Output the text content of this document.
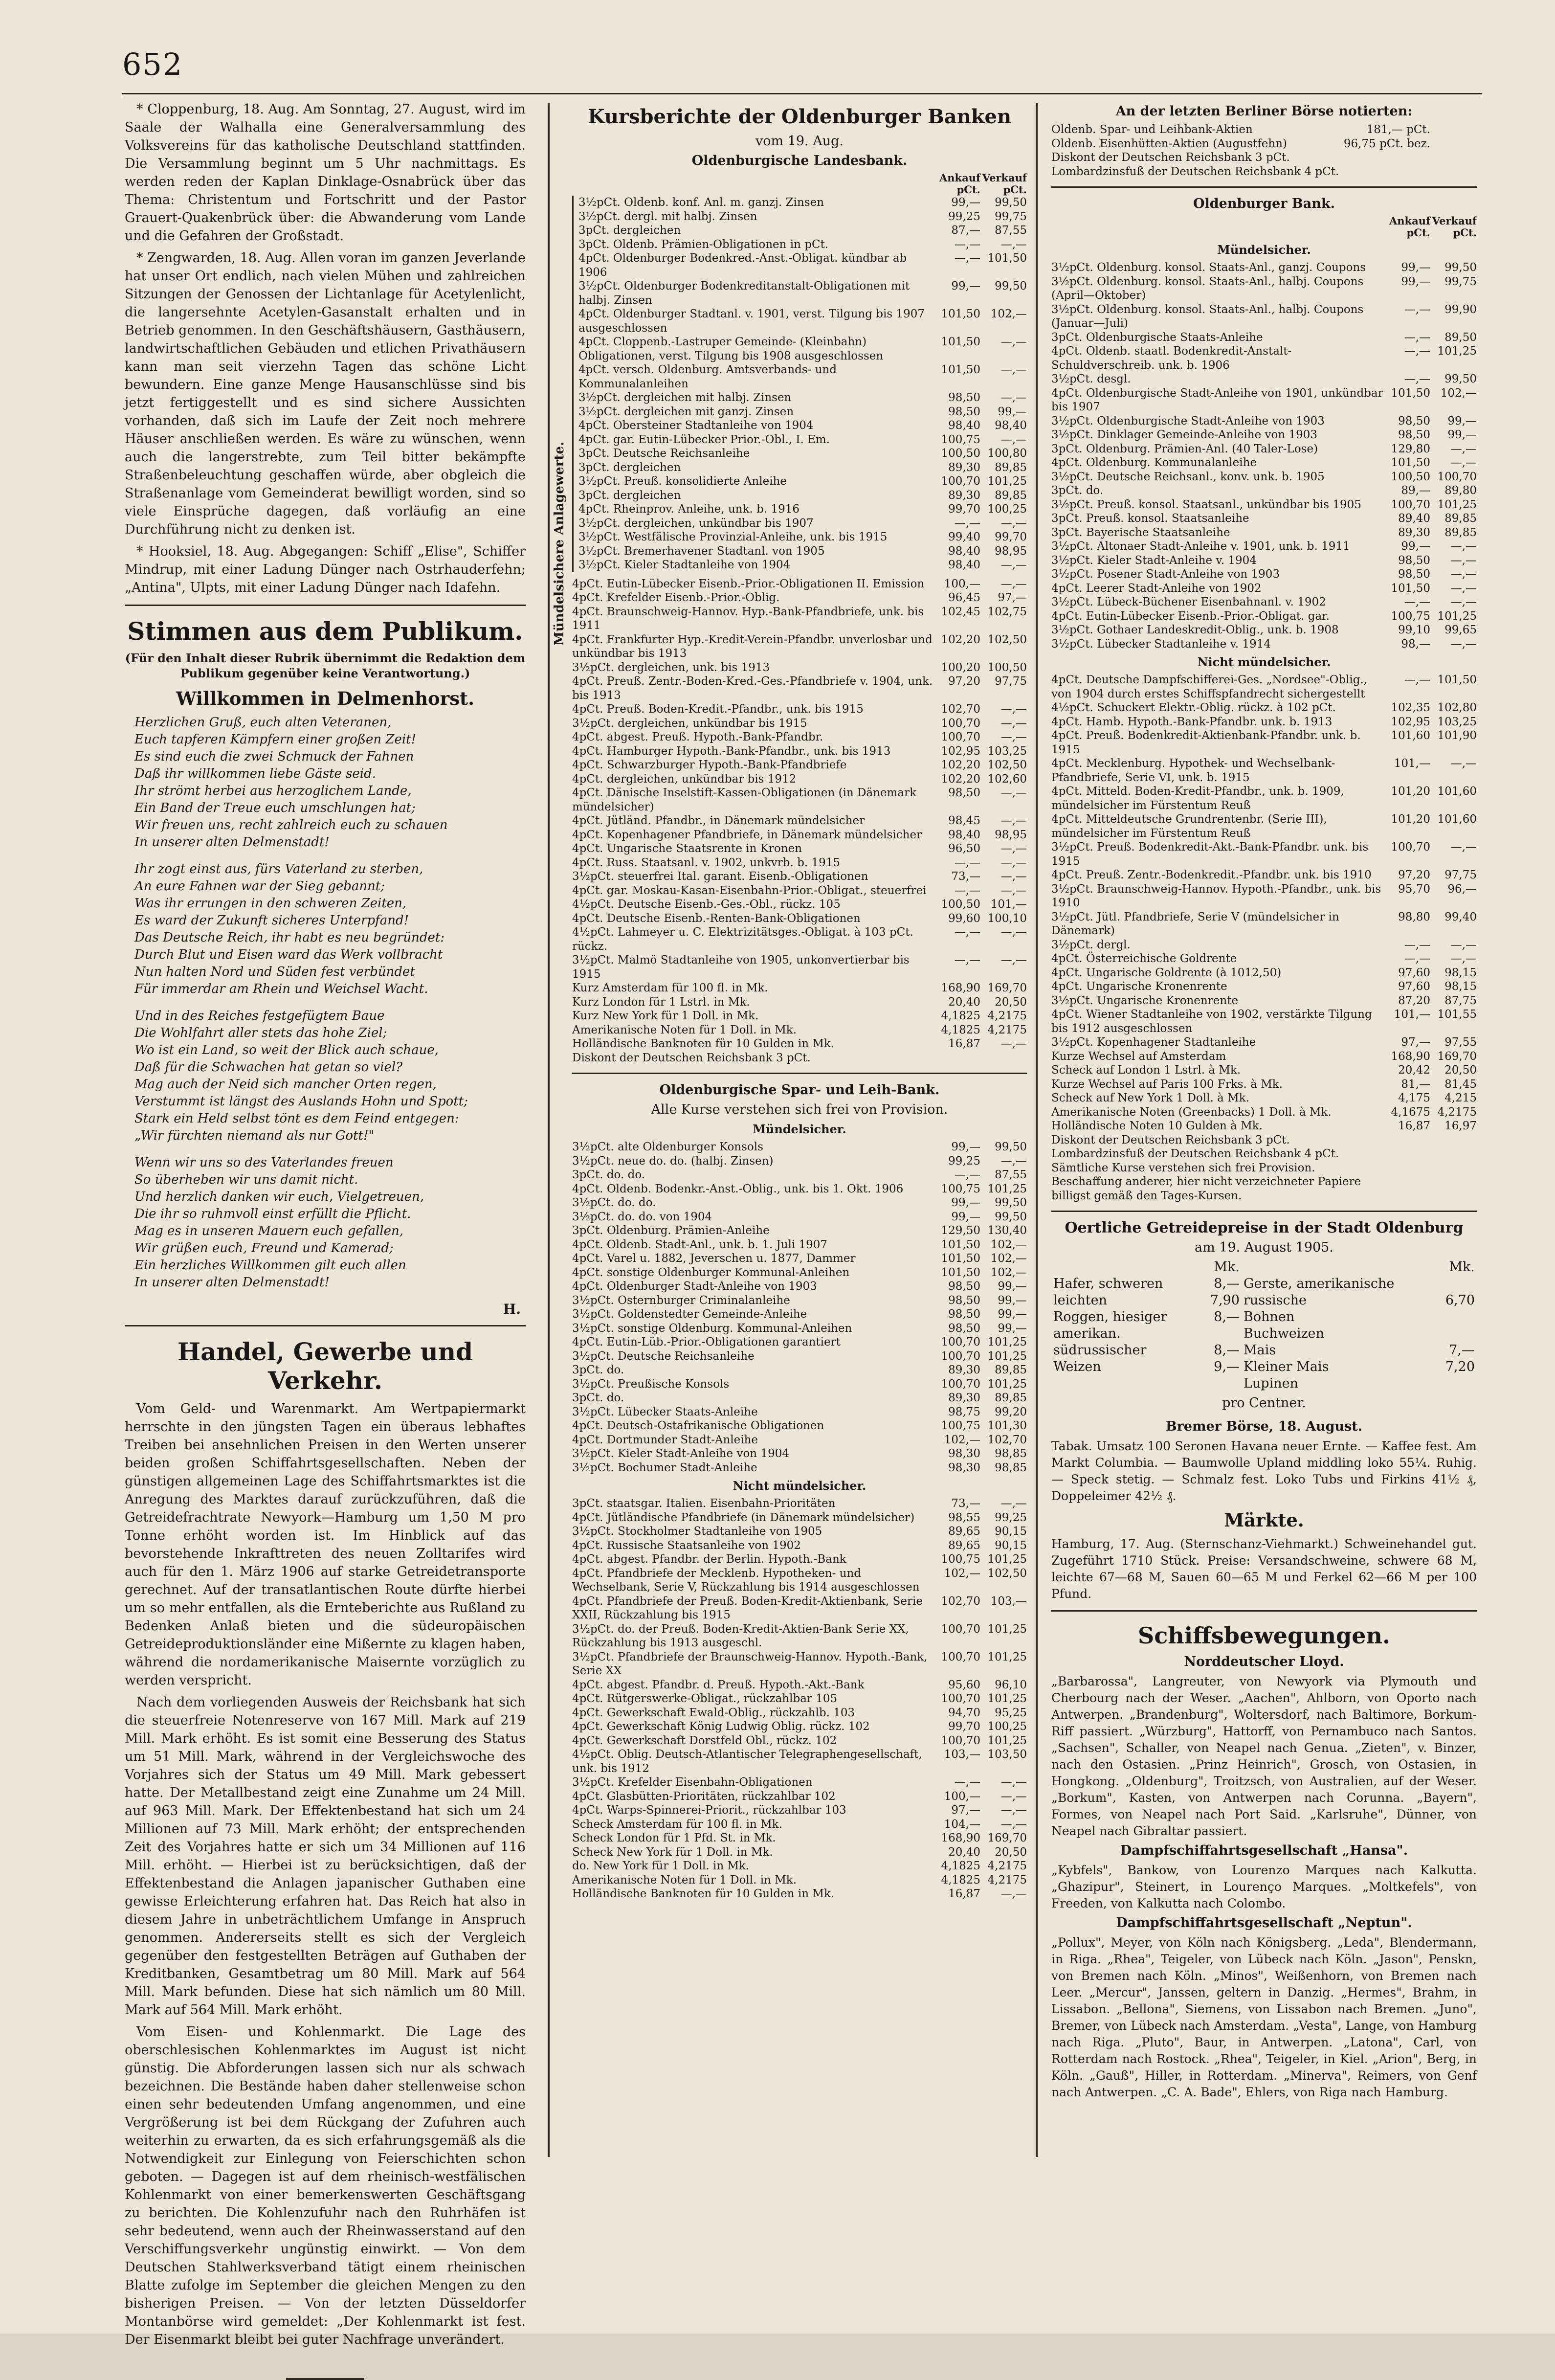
652

* Cloppenburg, 18. Aug. Am Sonntag, 27. August, wird im Saale der Walhalla eine Generalversammlung des Volksvereins für das katholische Deutschland stattfinden. Die Versammlung beginnt um 5 Uhr nachmittags. Es werden reden der Kaplan Dinklage-Osnabrück über das Thema: Christentum und Fortschritt und der Pastor Grauert-Quakenbrück über: die Abwanderung vom Lande und die Gefahren der Großstadt.

* Zengwarden, 18. Aug. Allen voran im ganzen Jeverlande hat unser Ort endlich, nach vielen Mühen und zahlreichen Sitzungen der Genossen der Lichtanlage für Acetylenlicht, die langersehnte Acetylen-Gasanstalt erhalten und in Betrieb genommen. In den Geschäftshäusern, Gasthäusern, landwirtschaftlichen Gebäuden und etlichen Privathäusern kann man seit vierzehn Tagen das schöne Licht bewundern. Eine ganze Menge Hausanschlüsse sind bis jetzt fertiggestellt und es sind sichere Aussichten vorhanden, daß sich im Laufe der Zeit noch mehrere Häuser anschließen werden. Es wäre zu wünschen, wenn auch die langerstrebte, zum Teil bitter bekämpfte Straßenbeleuchtung geschaffen würde, aber obgleich die Straßenanlage vom Gemeinderat bewilligt worden, sind so viele Einsprüche dagegen, daß vorläufig an eine Durchführung nicht zu denken ist.

* Hooksiel, 18. Aug. Abgegangen: Schiff „Elise", Schiffer Mindrup, mit einer Ladung Dünger nach Ostrhauderfehn; „Antina", Ulpts, mit einer Ladung Dünger nach Idafehn.

Stimmen aus dem Publikum.
(Für den Inhalt dieser Rubrik übernimmt die Redaktion dem Publikum gegenüber keine Verantwortung.)
Willkommen in Delmenhorst.
Herzlichen Gruß, euch alten Veteranen,
Euch tapferen Kämpfern einer großen Zeit!
Es sind euch die zwei Schmuck der Fahnen
Daß ihr willkommen liebe Gäste seid.
Ihr strömt herbei aus herzoglichem Lande,
Ein Band der Treue euch umschlungen hat;
Wir freuen uns, recht zahlreich euch zu schauen
In unserer alten Delmenstadt!
Ihr zogt einst aus, fürs Vaterland zu sterben,
An eure Fahnen war der Sieg gebannt;
Was ihr errungen in den schweren Zeiten,
Es ward der Zukunft sicheres Unterpfand!
Das Deutsche Reich, ihr habt es neu begründet:
Durch Blut und Eisen ward das Werk vollbracht
Nun halten Nord und Süden fest verbündet
Für immerdar am Rhein und Weichsel Wacht.
Und in des Reiches festgefügtem Baue
Die Wohlfahrt aller stets das hohe Ziel;
Wo ist ein Land, so weit der Blick auch schaue,
Daß für die Schwachen hat getan so viel?
Mag auch der Neid sich mancher Orten regen,
Verstummt ist längst des Auslands Hohn und Spott;
Stark ein Held selbst tönt es dem Feind entgegen:
„Wir fürchten niemand als nur Gott!"
Wenn wir uns so des Vaterlandes freuen
So überheben wir uns damit nicht.
Und herzlich danken wir euch, Vielgetreuen,
Die ihr so ruhmvoll einst erfüllt die Pflicht.
Mag es in unseren Mauern euch gefallen,
Wir grüßen euch, Freund und Kamerad;
Ein herzliches Willkommen gilt euch allen
In unserer alten Delmenstadt!
H.
Handel, Gewerbe und Verkehr.

Vom Geld- und Warenmarkt. Am Wertpapiermarkt herrschte in den jüngsten Tagen ein überaus lebhaftes Treiben bei ansehnlichen Preisen in den Werten unserer beiden großen Schiffahrtsgesellschaften. Neben der günstigen allgemeinen Lage des Schiffahrtsmarktes ist die Anregung des Marktes darauf zurückzuführen, daß die Getreidefrachtrate Newyork—Hamburg um 1,50 M pro Tonne erhöht worden ist. Im Hinblick auf das bevorstehende Inkrafttreten des neuen Zolltarifes wird auch für den 1. März 1906 auf starke Getreidetransporte gerechnet. Auf der transatlantischen Route dürfte hierbei um so mehr entfallen, als die Ernteberichte aus Rußland zu Bedenken Anlaß bieten und die südeuropäischen Getreideproduktionsländer eine Mißernte zu klagen haben, während die nordamerikanische Maisernte vorzüglich zu werden verspricht.

Nach dem vorliegenden Ausweis der Reichsbank hat sich die steuerfreie Notenreserve von 167 Mill. Mark auf 219 Mill. Mark erhöht. Es ist somit eine Besserung des Status um 51 Mill. Mark, während in der Vergleichswoche des Vorjahres sich der Status um 49 Mill. Mark gebessert hatte. Der Metallbestand zeigt eine Zunahme um 24 Mill. auf 963 Mill. Mark. Der Effektenbestand hat sich um 24 Millionen auf 73 Mill. Mark erhöht; der entsprechenden Zeit des Vorjahres hatte er sich um 34 Millionen auf 116 Mill. erhöht. — Hierbei ist zu berücksichtigen, daß der Effektenbestand die Anlagen japanischer Guthaben eine gewisse Erleichterung erfahren hat. Das Reich hat also in diesem Jahre in unbeträchtlichem Umfange in Anspruch genommen. Andererseits stellt es sich der Vergleich gegenüber den festgestellten Beträgen auf Guthaben der Kreditbanken, Gesamtbetrag um 80 Mill. Mark auf 564 Mill. Mark befunden. Diese hat sich nämlich um 80 Mill. Mark auf 564 Mill. Mark erhöht.

Vom Eisen- und Kohlenmarkt. Die Lage des oberschlesischen Kohlenmarktes im August ist nicht günstig. Die Abforderungen lassen sich nur als schwach bezeichnen. Die Bestände haben daher stellenweise schon einen sehr bedeutenden Umfang angenommen, und eine Vergrößerung ist bei dem Rückgang der Zufuhren auch weiterhin zu erwarten, da es sich erfahrungsgemäß als die Notwendigkeit zur Einlegung von Feierschichten schon geboten. — Dagegen ist auf dem rheinisch-westfälischen Kohlenmarkt von einer bemerkenswerten Geschäftsgang zu berichten. Die Kohlenzufuhr nach den Ruhrhäfen ist sehr bedeutend, wenn auch der Rheinwasserstand auf den Verschiffungsverkehr ungünstig einwirkt. — Von dem Deutschen Stahlwerksverband tätigt einem rheinischen Blatte zufolge im September die gleichen Mengen zu den bisherigen Preisen. — Von der letzten Düsseldorfer Montanbörse wird gemeldet: „Der Kohlenmarkt ist fest. Der Eisenmarkt bleibt bei guter Nachfrage unverändert.

Kursberichte der Oldenburger Banken
vom 19. Aug.
Oldenburgische Landesbank.
	Ankauf
pCt.	Verkauf
pCt.
Mündelsichere Anlagewerte.
3½pCt. Oldenb. konf. Anl. m. ganzj. Zinsen	99,—	99,50
3½pCt. dergl. mit halbj. Zinsen	99,25	99,75
3pCt. dergleichen	87,—	87,55
3pCt. Oldenb. Prämien-Obligationen in pCt.	—,—	—,—
4pCt. Oldenburger Bodenkred.-Anst.-Obligat. kündbar ab 1906	—,—	101,50
3½pCt. Oldenburger Bodenkreditanstalt-Obligationen mit halbj. Zinsen	99,—	99,50
4pCt. Oldenburger Stadtanl. v. 1901, verst. Tilgung bis 1907 ausgeschlossen	101,50	102,—
4pCt. Cloppenb.-Lastruper Gemeinde- (Kleinbahn) Obligationen, verst. Tilgung bis 1908 ausgeschlossen	101,50	—,—
4pCt. versch. Oldenburg. Amtsverbands- und Kommunalanleihen	101,50	—,—
3½pCt. dergleichen mit halbj. Zinsen	98,50	—,—
3½pCt. dergleichen mit ganzj. Zinsen	98,50	99,—
4pCt. Obersteiner Stadtanleihe von 1904	98,40	98,40
4pCt. gar. Eutin-Lübecker Prior.-Obl., I. Em.	100,75	—,—
3pCt. Deutsche Reichsanleihe	100,50	100,80
3pCt. dergleichen	89,30	89,85
3½pCt. Preuß. konsolidierte Anleihe	100,70	101,25
3pCt. dergleichen	89,30	89,85
4pCt. Rheinprov. Anleihe, unk. b. 1916	99,70	100,25
3½pCt. dergleichen, unkündbar bis 1907	—,—	—,—
3½pCt. Westfälische Provinzial-Anleihe, unk. bis 1915	99,40	99,70
3½pCt. Bremerhavener Stadtanl. von 1905	98,40	98,95
3½pCt. Kieler Stadtanleihe von 1904	98,40	—,—
4pCt. Eutin-Lübecker Eisenb.-Prior.-Obligationen II. Emission	100,—	—,—
4pCt. Krefelder Eisenb.-Prior.-Oblig.	96,45	97,—
4pCt. Braunschweig-Hannov. Hyp.-Bank-Pfandbriefe, unk. bis 1911	102,45	102,75
4pCt. Frankfurter Hyp.-Kredit-Verein-Pfandbr. unverlosbar und unkündbar bis 1913	102,20	102,50
3½pCt. dergleichen, unk. bis 1913	100,20	100,50
4pCt. Preuß. Zentr.-Boden-Kred.-Ges.-Pfandbriefe v. 1904, unk. bis 1913	97,20	97,75
4pCt. Preuß. Boden-Kredit.-Pfandbr., unk. bis 1915	102,70	—,—
3½pCt. dergleichen, unkündbar bis 1915	100,70	—,—
4pCt. abgest. Preuß. Hypoth.-Bank-Pfandbr.	100,70	—,—
4pCt. Hamburger Hypoth.-Bank-Pfandbr., unk. bis 1913	102,95	103,25
4pCt. Schwarzburger Hypoth.-Bank-Pfandbriefe	102,20	102,50
4pCt. dergleichen, unkündbar bis 1912	102,20	102,60
4pCt. Dänische Inselstift-Kassen-Obligationen (in Dänemark mündelsicher)	98,50	—,—
4pCt. Jütländ. Pfandbr., in Dänemark mündelsicher	98,45	—,—
4pCt. Kopenhagener Pfandbriefe, in Dänemark mündelsicher	98,40	98,95
4pCt. Ungarische Staatsrente in Kronen	96,50	—,—
4pCt. Russ. Staatsanl. v. 1902, unkvrb. b. 1915	—,—	—,—
3½pCt. steuerfrei Ital. garant. Eisenb.-Obligationen	73,—	—,—
4pCt. gar. Moskau-Kasan-Eisenbahn-Prior.-Obligat., steuerfrei	—,—	—,—
4½pCt. Deutsche Eisenb.-Ges.-Obl., rückz. 105	100,50	101,—
4pCt. Deutsche Eisenb.-Renten-Bank-Obligationen	99,60	100,10
4½pCt. Lahmeyer u. C. Elektrizitätsges.-Obligat. à 103 pCt. rückz.	—,—	—,—
3½pCt. Malmö Stadtanleihe von 1905, unkonvertierbar bis 1915	—,—	—,—
Kurz Amsterdam für 100 fl. in Mk.	168,90	169,70
Kurz London für 1 Lstrl. in Mk.	20,40	20,50
Kurz New York für 1 Doll. in Mk.	4,1825	4,2175
Amerikanische Noten für 1 Doll. in Mk.	4,1825	4,2175
Holländische Banknoten für 10 Gulden in Mk.	16,87	—,—
Diskont der Deutschen Reichsbank 3 pCt.		
Oldenburgische Spar- und Leih-Bank.
Alle Kurse verstehen sich frei von Provision.
Mündelsicher.
3½pCt. alte Oldenburger Konsols	99,—	99,50
3½pCt. neue do. do. (halbj. Zinsen)	99,25	—,—
3pCt. do. do.	—,—	87,55
4pCt. Oldenb. Bodenkr.-Anst.-Oblig., unk. bis 1. Okt. 1906	100,75	101,25
3½pCt. do. do.	99,—	99,50
3½pCt. do. do. von 1904	99,—	99,50
3pCt. Oldenburg. Prämien-Anleihe	129,50	130,40
4pCt. Oldenb. Stadt-Anl., unk. b. 1. Juli 1907	101,50	102,—
4pCt. Varel u. 1882, Jeverschen u. 1877, Dammer	101,50	102,—
4pCt. sonstige Oldenburger Kommunal-Anleihen	101,50	102,—
4pCt. Oldenburger Stadt-Anleihe von 1903	98,50	99,—
3½pCt. Osternburger Criminalanleihe	98,50	99,—
3½pCt. Goldenstedter Gemeinde-Anleihe	98,50	99,—
3½pCt. sonstige Oldenburg. Kommunal-Anleihen	98,50	99,—
4pCt. Eutin-Lüb.-Prior.-Obligationen garantiert	100,70	101,25
3½pCt. Deutsche Reichsanleihe	100,70	101,25
3pCt. do.	89,30	89,85
3½pCt. Preußische Konsols	100,70	101,25
3pCt. do.	89,30	89,85
3½pCt. Lübecker Staats-Anleihe	98,75	99,20
4pCt. Deutsch-Ostafrikanische Obligationen	100,75	101,30
4pCt. Dortmunder Stadt-Anleihe	102,—	102,70
3½pCt. Kieler Stadt-Anleihe von 1904	98,30	98,85
3½pCt. Bochumer Stadt-Anleihe	98,30	98,85
Nicht mündelsicher.
3pCt. staatsgar. Italien. Eisenbahn-Prioritäten	73,—	—,—
4pCt. Jütländische Pfandbriefe (in Dänemark mündelsicher)	98,55	99,25
3½pCt. Stockholmer Stadtanleihe von 1905	89,65	90,15
4pCt. Russische Staatsanleihe von 1902	89,65	90,15
4pCt. abgest. Pfandbr. der Berlin. Hypoth.-Bank	100,75	101,25
4pCt. Pfandbriefe der Mecklenb. Hypotheken- und Wechselbank, Serie V, Rückzahlung bis 1914 ausgeschlossen	102,—	102,50
4pCt. Pfandbriefe der Preuß. Boden-Kredit-Aktienbank, Serie XXII, Rückzahlung bis 1915	102,70	103,—
3½pCt. do. der Preuß. Boden-Kredit-Aktien-Bank Serie XX, Rückzahlung bis 1913 ausgeschl.	100,70	101,25
3½pCt. Pfandbriefe der Braunschweig-Hannov. Hypoth.-Bank, Serie XX	100,70	101,25
4pCt. abgest. Pfandbr. d. Preuß. Hypoth.-Akt.-Bank	95,60	96,10
4pCt. Rütgerswerke-Obligat., rückzahlbar 105	100,70	101,25
4pCt. Gewerkschaft Ewald-Oblig., rückzahlb. 103	94,70	95,25
4pCt. Gewerkschaft König Ludwig Oblig. rückz. 102	99,70	100,25
4pCt. Gewerkschaft Dorstfeld Obl., rückz. 102	100,70	101,25
4½pCt. Oblig. Deutsch-Atlantischer Telegraphengesellschaft, unk. bis 1912	103,—	103,50
3½pCt. Krefelder Eisenbahn-Obligationen	—,—	—,—
4pCt. Glasbütten-Prioritäten, rückzahlbar 102	100,—	—,—
4pCt. Warps-Spinnerei-Priorit., rückzahlbar 103	97,—	—,—
Scheck Amsterdam für 100 fl. in Mk.	104,—	—,—
Scheck London für 1 Pfd. St. in Mk.	168,90	169,70
Scheck New York für 1 Doll. in Mk.	20,40	20,50
do. New York für 1 Doll. in Mk.	4,1825	4,2175
Amerikanische Noten für 1 Doll. in Mk.	4,1825	4,2175
Holländische Banknoten für 10 Gulden in Mk.	16,87	—,—
An der letzten Berliner Börse notierten:
Oldenb. Spar- und Leihbank-Aktien	181,— pCt.	
Oldenb. Eisenhütten-Aktien (Augustfehn)	96,75 pCt. bez.	
Diskont der Deutschen Reichsbank 3 pCt.		
Lombardzinsfuß der Deutschen Reichsbank 4 pCt.		
Oldenburger Bank.
	Ankauf
pCt.	Verkauf
pCt.
Mündelsicher.
3½pCt. Oldenburg. konsol. Staats-Anl., ganzj. Coupons	99,—	99,50
3½pCt. Oldenburg. konsol. Staats-Anl., halbj. Coupons (April—Oktober)	99,—	99,75
3½pCt. Oldenburg. konsol. Staats-Anl., halbj. Coupons (Januar—Juli)	—,—	99,90
3pCt. Oldenburgische Staats-Anleihe	—,—	89,50
4pCt. Oldenb. staatl. Bodenkredit-Anstalt-Schuldverschreib. unk. b. 1906	—,—	101,25
3½pCt. desgl.	—,—	99,50
4pCt. Oldenburgische Stadt-Anleihe von 1901, unkündbar bis 1907	101,50	102,—
3½pCt. Oldenburgische Stadt-Anleihe von 1903	98,50	99,—
3½pCt. Dinklager Gemeinde-Anleihe von 1903	98,50	99,—
3pCt. Oldenburg. Prämien-Anl. (40 Taler-Lose)	129,80	—,—
4pCt. Oldenburg. Kommunalanleihe	101,50	—,—
3½pCt. Deutsche Reichsanl., konv. unk. b. 1905	100,50	100,70
3pCt. do.	89,—	89,80
3½pCt. Preuß. konsol. Staatsanl., unkündbar bis 1905	100,70	101,25
3pCt. Preuß. konsol. Staatsanleihe	89,40	89,85
3pCt. Bayerische Staatsanleihe	89,30	89,85
3½pCt. Altonaer Stadt-Anleihe v. 1901, unk. b. 1911	99,—	—,—
3½pCt. Kieler Stadt-Anleihe v. 1904	98,50	—,—
3½pCt. Posener Stadt-Anleihe von 1903	98,50	—,—
4pCt. Leerer Stadt-Anleihe von 1902	101,50	—,—
3½pCt. Lübeck-Büchener Eisenbahnanl. v. 1902	—,—	—,—
4pCt. Eutin-Lübecker Eisenb.-Prior.-Obligat. gar.	100,75	101,25
3½pCt. Gothaer Landeskredit-Oblig., unk. b. 1908	99,10	99,65
3½pCt. Lübecker Stadtanleihe v. 1914	98,—	—,—
Nicht mündelsicher.
4pCt. Deutsche Dampfschifferei-Ges. „Nordsee"-Oblig., von 1904 durch erstes Schiffspfandrecht sichergestellt	—,—	101,50
4½pCt. Schuckert Elektr.-Oblig. rückz. à 102 pCt.	102,35	102,80
4pCt. Hamb. Hypoth.-Bank-Pfandbr. unk. b. 1913	102,95	103,25
4pCt. Preuß. Bodenkredit-Aktienbank-Pfandbr. unk. b. 1915	101,60	101,90
4pCt. Mecklenburg. Hypothek- und Wechselbank-Pfandbriefe, Serie VI, unk. b. 1915	101,—	—,—
4pCt. Mitteld. Boden-Kredit-Pfandbr., unk. b. 1909, mündelsicher im Fürstentum Reuß	101,20	101,60
4pCt. Mitteldeutsche Grundrentenbr. (Serie III), mündelsicher im Fürstentum Reuß	101,20	101,60
3½pCt. Preuß. Bodenkredit-Akt.-Bank-Pfandbr. unk. bis 1915	100,70	—,—
4pCt. Preuß. Zentr.-Bodenkredit.-Pfandbr. unk. bis 1910	97,20	97,75
3½pCt. Braunschweig-Hannov. Hypoth.-Pfandbr., unk. bis 1910	95,70	96,—
3½pCt. Jütl. Pfandbriefe, Serie V (mündelsicher in Dänemark)	98,80	99,40
3½pCt. dergl.	—,—	—,—
4pCt. Österreichische Goldrente	—,—	—,—
4pCt. Ungarische Goldrente (à 1012,50)	97,60	98,15
4pCt. Ungarische Kronenrente	97,60	98,15
3½pCt. Ungarische Kronenrente	87,20	87,75
4pCt. Wiener Stadtanleihe von 1902, verstärkte Tilgung bis 1912 ausgeschlossen	101,—	101,55
3½pCt. Kopenhagener Stadtanleihe	97,—	97,55
Kurze Wechsel auf Amsterdam	168,90	169,70
Scheck auf London 1 Lstrl. à Mk.	20,42	20,50
Kurze Wechsel auf Paris 100 Frks. à Mk.	81,—	81,45
Scheck auf New York 1 Doll. à Mk.	4,175	4,215
Amerikanische Noten (Greenbacks) 1 Doll. à Mk.	4,1675	4,2175
Holländische Noten 10 Gulden à Mk.	16,87	16,97
Diskont der Deutschen Reichsbank 3 pCt.		
Lombardzinsfuß der Deutschen Reichsbank 4 pCt.		
Sämtliche Kurse verstehen sich frei Provision.		
Beschaffung anderer, hier nicht verzeichneter Papiere billigst gemäß den Tages-Kursen.		
Oertliche Getreidepreise in der Stadt Oldenburg
am 19. August 1905.
	Mk.		Mk.
Hafer, schweren	8,—	Gerste, amerikanische	
leichten	7,90	russische	6,70
Roggen, hiesiger	8,—	Bohnen	
amerikan.		Buchweizen	
südrussischer	8,—	Mais	7,—
Weizen	9,—	Kleiner Mais	7,20
		Lupinen	
pro Centner.
Bremer Börse, 18. August.

Tabak. Umsatz 100 Seronen Havana neuer Ernte. — Kaffee fest. Am Markt Columbia. — Baumwolle Upland middling loko 55¼. Ruhig. — Speck stetig. — Schmalz fest. Loko Tubs und Firkins 41½ ₰, Doppeleimer 42½ ₰.

Märkte.

Hamburg, 17. Aug. (Sternschanz-Viehmarkt.) Schweinehandel gut. Zugeführt 1710 Stück. Preise: Versandschweine, schwere 68 M, leichte 67—68 M, Sauen 60—65 M und Ferkel 62—66 M per 100 Pfund.

Schiffsbewegungen.
Norddeutscher Lloyd.

„Barbarossa", Langreuter, von Newyork via Plymouth und Cherbourg nach der Weser. „Aachen", Ahlborn, von Oporto nach Antwerpen. „Brandenburg", Woltersdorf, nach Baltimore, Borkum-Riff passiert. „Würzburg", Hattorff, von Pernambuco nach Santos. „Sachsen", Schaller, von Neapel nach Genua. „Zieten", v. Binzer, nach den Ostasien. „Prinz Heinrich", Grosch, von Ostasien, in Hongkong. „Oldenburg", Troitzsch, von Australien, auf der Weser. „Borkum", Kasten, von Antwerpen nach Corunna. „Bayern", Formes, von Neapel nach Port Said. „Karlsruhe", Dünner, von Neapel nach Gibraltar passiert.

Dampfschiffahrtsgesellschaft „Hansa".

„Kybfels", Bankow, von Lourenzo Marques nach Kalkutta. „Ghazipur", Steinert, in Lourenço Marques. „Moltkefels", von Freeden, von Kalkutta nach Colombo.

Dampfschiffahrtsgesellschaft „Neptun".

„Pollux", Meyer, von Köln nach Königsberg. „Leda", Blendermann, in Riga. „Rhea", Teigeler, von Lübeck nach Köln. „Jason", Penskn, von Bremen nach Köln. „Minos", Weißenhorn, von Bremen nach Leer. „Mercur", Janssen, geltern in Danzig. „Hermes", Brahm, in Lissabon. „Bellona", Siemens, von Lissabon nach Bremen. „Juno", Bremer, von Lübeck nach Amsterdam. „Vesta", Lange, von Hamburg nach Riga. „Pluto", Baur, in Antwerpen. „Latona", Carl, von Rotterdam nach Rostock. „Rhea", Teigeler, in Kiel. „Arion", Berg, in Köln. „Gauß", Hiller, in Rotterdam. „Minerva", Reimers, von Genf nach Antwerpen. „C. A. Bade", Ehlers, von Riga nach Hamburg.
